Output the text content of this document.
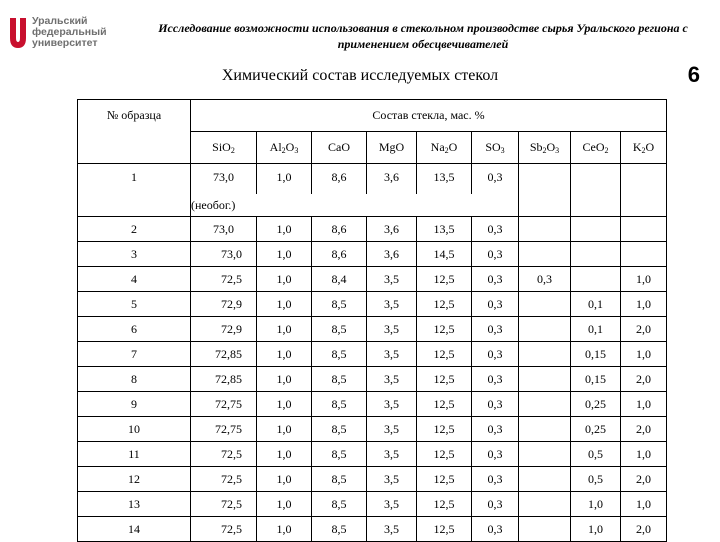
Уральский
федеральный
университет
Исследование возможности использования в стекольном производстве сырья Уральского региона с применением обесцвечивателей
Химический состав исследуемых стекол	6
№ образца	Состав стекла, мас. %								
	SiO$_2$	$Al_2O_3$	CaO	MgO	$Na_2O$	$SO_3$	$Sb_2O_3$	CeO$_2$	$K_2O$
1	73,0	1,0	8,6	3,6	13,5	0,3			
	(необог.)								
2	73,0	1,0	8,6	3,6	13,5	0,3			
3	73,0	1,0	8,6	3,6	14,5	0,3			
4	72,5	1,0	8,4	3,5	12,5	0,3	0,3		1,0
5	72,9	1,0	8,5	3,5	12,5	0,3		0,1	1,0
6	72,9	1,0	8,5	3,5	12,5	0,3		0,1	2,0
7	72,85	1,0	8,5	3,5	12,5	0,3		0,15	1,0
8	72,85	1,0	8,5	3,5	12,5	0,3		0,15	2,0
9	72,75	1,0	8,5	3,5	12,5	0,3		0,25	1,0
10	72,75	1,0	8,5	3,5	12,5	0,3		0,25	2,0
11	72,5	1,0	8,5	3,5	12,5	0,3		0,5	1,0
12	72,5	1,0	8,5	3,5	12,5	0,3		0,5	2,0
13	72,5	1,0	8,5	3,5	12,5	0,3		1,0	1,0
14	72,5	1,0	8,5	3,5	12,5	0,3		1,0	2,0
